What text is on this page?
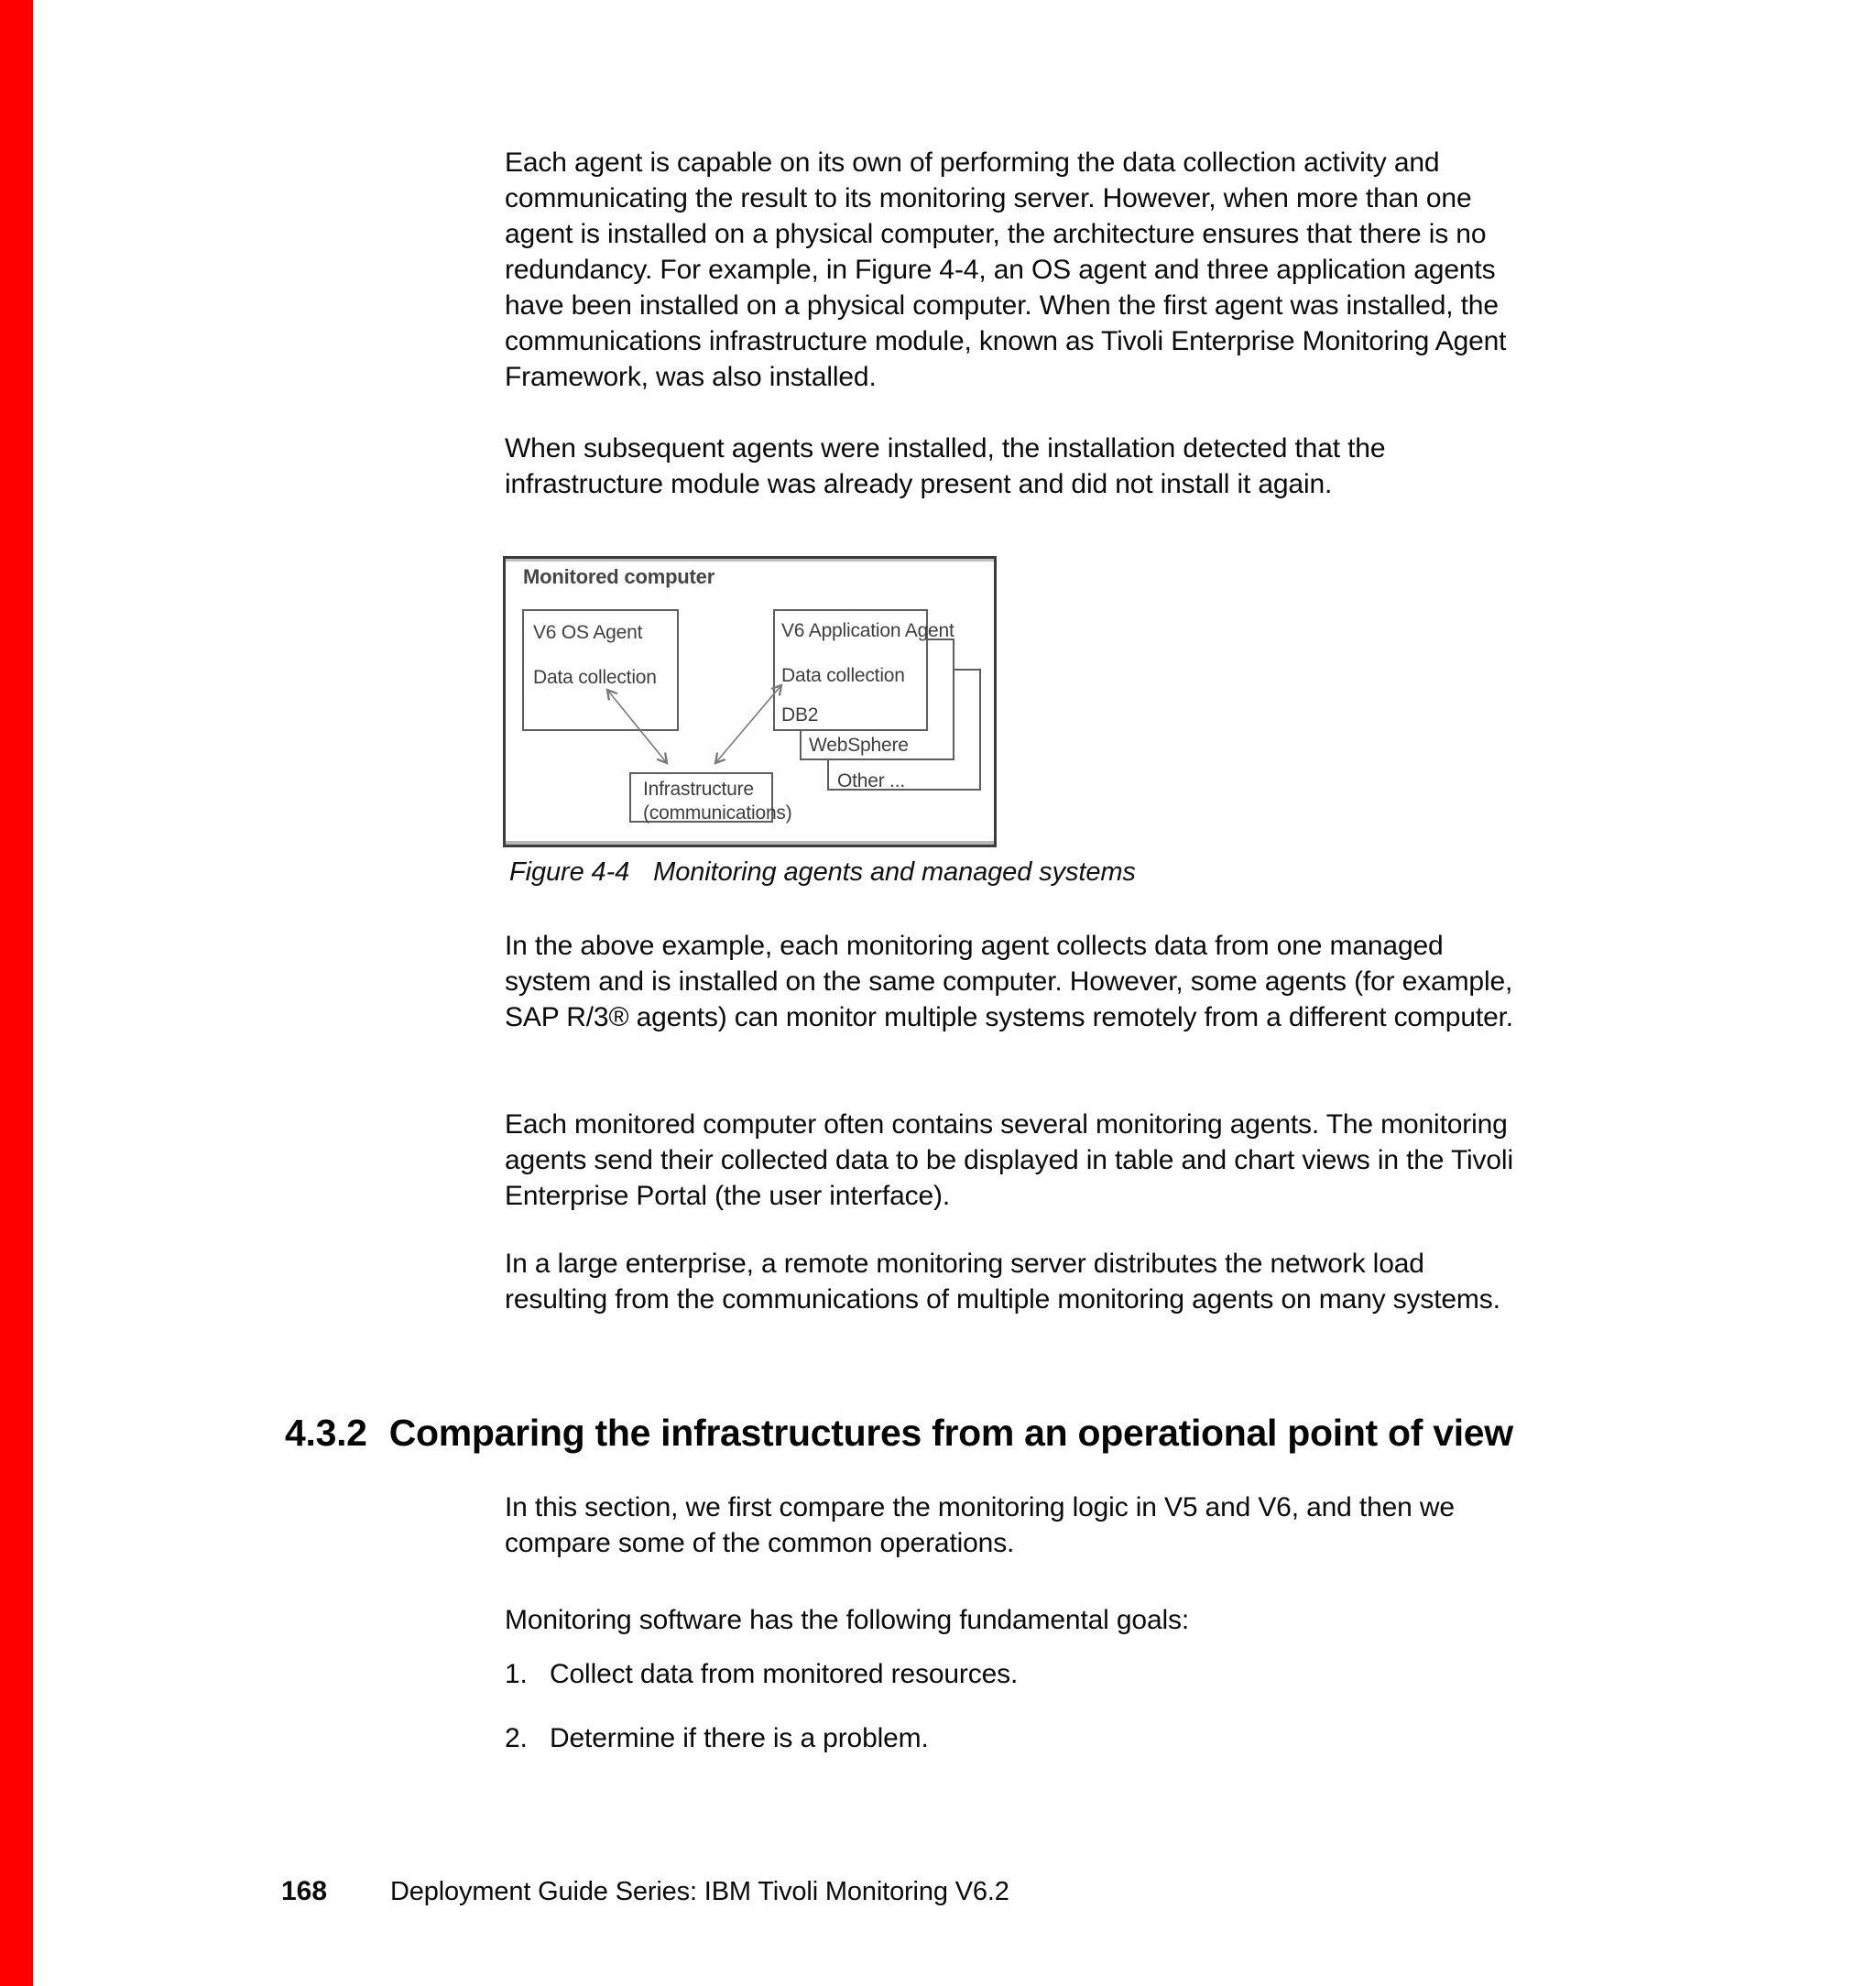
Each agent is capable on its own of performing the data collection activity and communicating the result to its monitoring server. However, when more than one agent is installed on a physical computer, the architecture ensures that there is no redundancy. For example, in Figure 4-4, an OS agent and three application agents have been installed on a physical computer. When the first agent was installed, the communications infrastructure module, known as Tivoli Enterprise Monitoring Agent Framework, was also installed.
When subsequent agents were installed, the installation detected that the infrastructure module was already present and did not install it again.
Monitored computer
V6 OS Agent
Data collection
Other ...
WebSphere
V6 Application Agent
Data collection
DB2
Infrastructure
(communications)
Figure 4-4 Monitoring agents and managed systems
In the above example, each monitoring agent collects data from one managed system and is installed on the same computer. However, some agents (for example, SAP R/3® agents) can monitor multiple systems remotely from a different computer.
Each monitored computer often contains several monitoring agents. The monitoring agents send their collected data to be displayed in table and chart views in the Tivoli Enterprise Portal (the user interface).
In a large enterprise, a remote monitoring server distributes the network load resulting from the communications of multiple monitoring agents on many systems.
4.3.2 Comparing the infrastructures from an operational point of view
In this section, we first compare the monitoring logic in V5 and V6, and then we compare some of the common operations.
Monitoring software has the following fundamental goals:
1. Collect data from monitored resources.
2. Determine if there is a problem.
168 Deployment Guide Series: IBM Tivoli Monitoring V6.2
